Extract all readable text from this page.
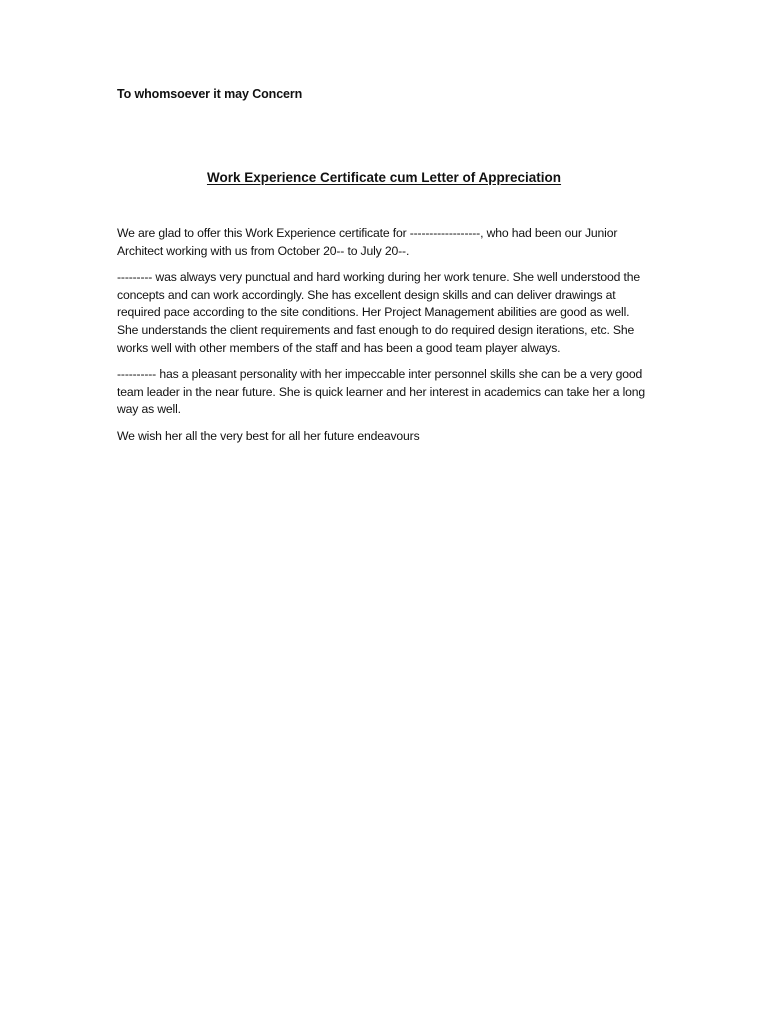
To whomsoever it may Concern
Work Experience Certificate cum Letter of Appreciation

We are glad to offer this Work Experience certificate for ------------------, who had been our Junior Architect working with us from October 20-- to July 20--.

--------- was always very punctual and hard working during her work tenure. She well understood the concepts and can work accordingly. She has excellent design skills and can deliver drawings at required pace according to the site conditions. Her Project Management abilities are good as well. She understands the client requirements and fast enough to do required design iterations, etc. She works well with other members of the staff and has been a good team player always.

---------- has a pleasant personality with her impeccable inter personnel skills she can be a very good team leader in the near future. She is quick learner and her interest in academics can take her a long way as well.

We wish her all the very best for all her future endeavours
